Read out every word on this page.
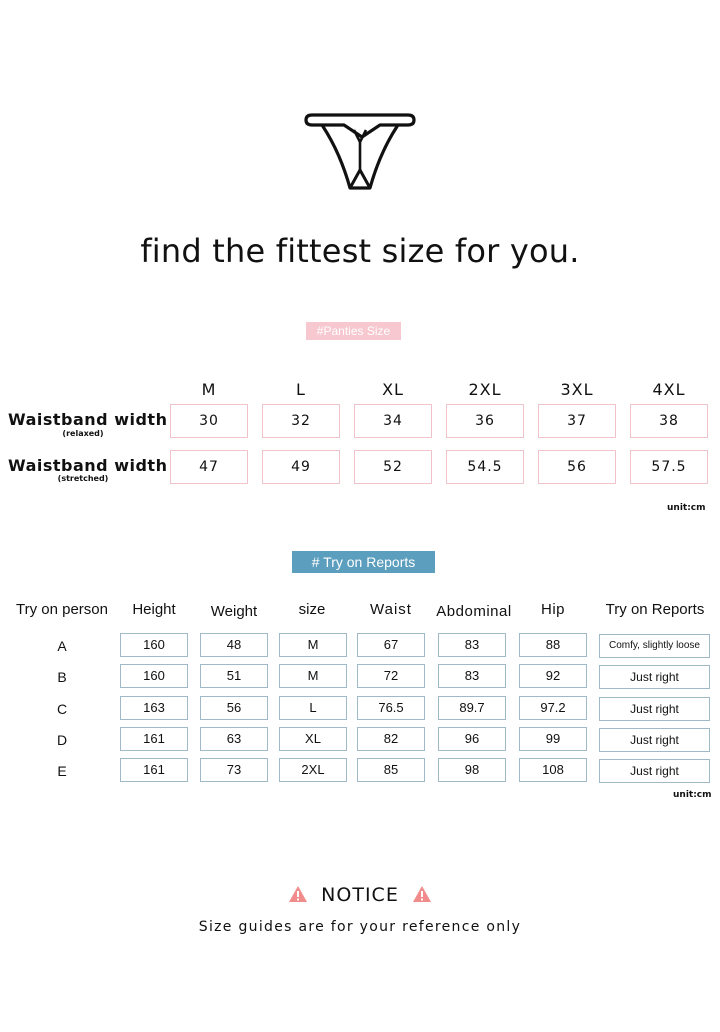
find the fittest size for you.
#Panties Size
M	L	XL	2XL	3XL	4XL
Waistband width
(relaxed)
30	32	34	36	37	38
Waistband width
(stretched)
47	49	52	54.5	56	57.5
unit:cm
# Try on Reports
Try on person	Height	Weight	size	Waist	Abdominal	Hip	Try on Reports
A	160	48	M	67	83	88	Comfy, slightly loose
B	160	51	M	72	83	92	Just right
C	163	56	L	76.5	89.7	97.2	Just right
D	161	63	XL	82	96	99	Just right
E	161	73	2XL	85	98	108	Just right
unit:cm
NOTICE
Size guides are for your reference only
